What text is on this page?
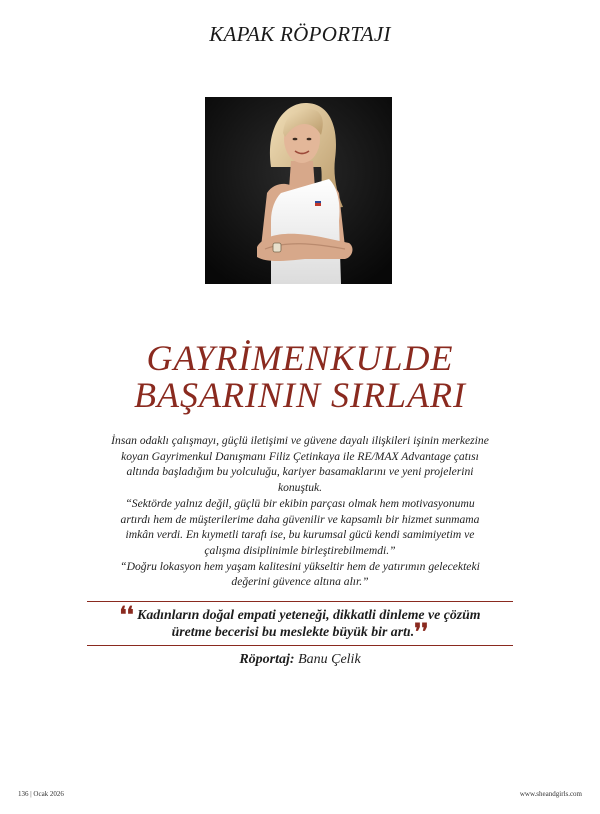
KAPAK RÖPORTAJI
GAYRİMENKULDE
BAŞARININ SIRLARI

İnsan odaklı çalışmayı, güçlü iletişimi ve güvene dayalı ilişkileri işinin merkezine

koyan Gayrimenkul Danışmanı Filiz Çetinkaya ile RE/MAX Advantage çatısı

altında başladığım bu yolculuğu, kariyer basamaklarını ve yeni projelerini

konuştuk.

“Sektörde yalnız değil, güçlü bir ekibin parçası olmak hem motivasyonumu

artırdı hem de müşterilerime daha güvenilir ve kapsamlı bir hizmet sunmama

imkân verdi. En kıymetli tarafı ise, bu kurumsal gücü kendi samimiyetim ve

çalışma disiplinimle birleştirebilmemdi.”

“Doğru lokasyon hem yaşam kalitesini yükseltir hem de yatırımın gelecekteki

değerini güvence altına alır.”

❛❛ Kadınların doğal empati yeteneği, dikkatli dinleme ve çözüm
üretme becerisi bu meslekte büyük bir artı.❜❜
Röportaj: Banu Çelik
136 | Ocak 2026	www.sheandgirls.com
